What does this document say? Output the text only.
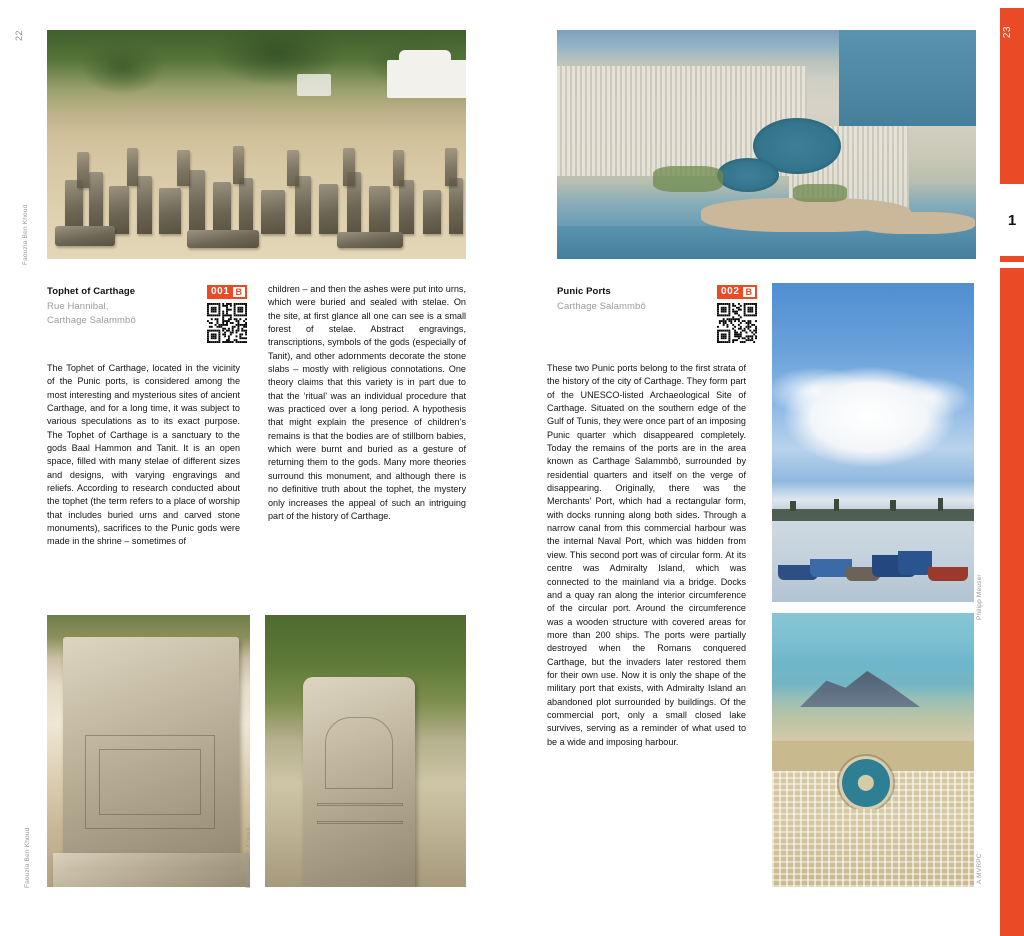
22
Faouzia Ben Khoud
Tophet of Carthage
Rue Hannibal,
Carthage Salammbô
001 B

The Tophet of Carthage, located in the vicinity of the Punic ports, is considered among the most interesting and mysterious sites of ancient Carthage, and for a long time, it was subject to various speculations as to its exact purpose. The Tophet of Carthage is a sanctuary to the gods Baal Hammon and Tanit. It is an open space, filled with many stelae of different sizes and designs, with varying engravings and reliefs. According to research conducted about the tophet (the term refers to a place of worship that includes buried urns and carved stone monuments), sacrifices to the Punic gods were made in the shrine – sometimes of

children – and then the ashes were put into urns, which were buried and sealed with stelae. On the site, at first glance all one can see is a small forest of stelae. Abstract engravings, transcriptions, symbols of the gods (especially of Tanit), and other adornments decorate the stone slabs – mostly with religious connotations. One theory claims that this variety is in part due to that the ‘ritual’ was an individual procedure that was practiced over a long period. A hypothesis that might explain the presence of children’s remains is that the bodies are of stillborn babies, which were burnt and buried as a gesture of returning them to the gods. Many more theories surround this monument, and although there is no definitive truth about the tophet, the mystery only increases the appeal of such an intriguing part of the history of Carthage.

Faouzia Ben Khoud	Faouzia Ben Khoud
Punic Ports
Carthage Salammbô
002 B

These two Punic ports belong to the first strata of the history of the city of Carthage. They form part of the UNESCO-listed Archaeological Site of Carthage. Situated on the southern edge of the Gulf of Tunis, they were once part of an imposing Punic quarter which disappeared completely. Today the remains of the ports are in the area known as Carthage Salammbô, surrounded by residential quarters and itself on the verge of disappearing. Originally, there was the Merchants’ Port, which had a rectangular form, with docks running along both sides. Through a narrow canal from this commercial harbour was the internal Naval Port, which was hidden from view. This second port was of circular form. At its centre was Admiralty Island, which was connected to the mainland via a bridge. Docks and a quay ran along the interior circumference of the circular port. Around the circumference was a wooden structure with covered areas for more than 200 ships. The ports were partially destroyed when the Romans conquered Carthage, but the invaders later restored them for their own use. Now it is only the shape of the military port that exists, with Admiralty Island an abandoned plot surrounded by buildings. Of the commercial port, only a small closed lake survives, serving as a reminder of what used to be a wide and imposing harbour.

Philipp Meuser
A MVRPC
23
1
